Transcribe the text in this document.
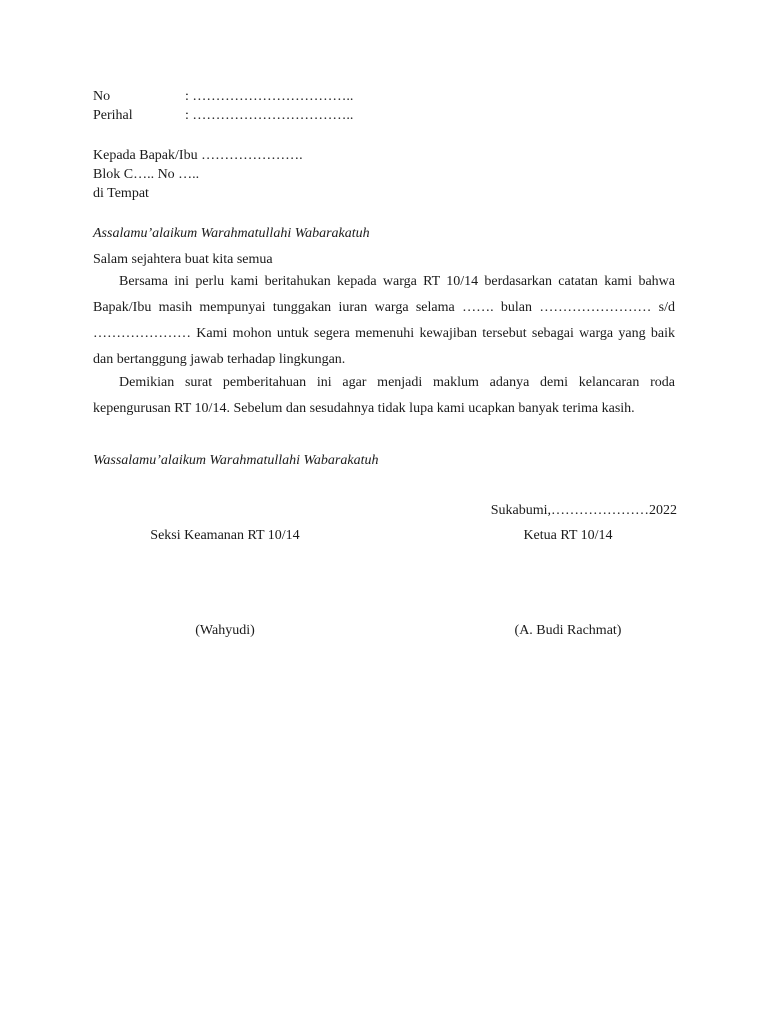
No	: ……………………………..
Perihal	: ……………………………..
Kepada Bapak/Ibu ………………….
Blok C….. No …..
di Tempat
Assalamu’alaikum Warahmatullahi Wabarakatuh
Salam sejahtera buat kita semua

Bersama ini perlu kami beritahukan kepada warga RT 10/14 berdasarkan catatan kami bahwa Bapak/Ibu masih mempunyai tunggakan iuran warga selama ……. bulan …………………… s/d ………………… Kami mohon untuk segera memenuhi kewajiban tersebut sebagai warga yang baik dan bertanggung jawab terhadap lingkungan.

Demikian surat pemberitahuan ini agar menjadi maklum adanya demi kelancaran roda kepengurusan RT 10/14. Sebelum dan sesudahnya tidak lupa kami ucapkan banyak terima kasih.

Wassalamu’alaikum Warahmatullahi Wabarakatuh
Sukabumi,…………………2022
Seksi Keamanan RT 10/14	Ketua RT 10/14
(Wahyudi)	(A. Budi Rachmat)
